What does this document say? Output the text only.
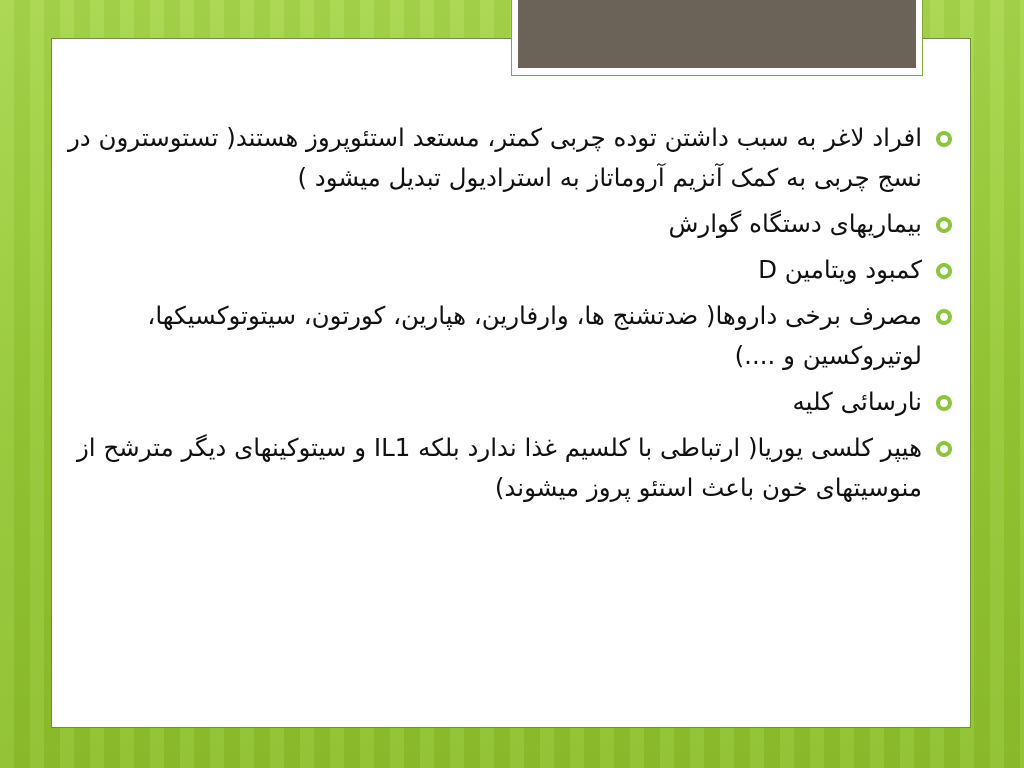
افراد لاغر به سبب داشتن توده چربی کمتر، مستعد استئوپروز هستند( تستوسترون در نسج چربی به کمک آنزیم آروماتاز به استرادیول تبدیل میشود )
بیماریهای دستگاه گوارش
کمبود ویتامین D
مصرف برخی داروها( ضدتشنج ها، وارفارین، هپارین، کورتون، سیتوتوکسیکها، لوتیروکسین و ....)
نارسائی کلیه
هیپر کلسی یوریا( ارتباطی با کلسیم غذا ندارد بلکه IL1 و سیتوکینهای دیگر مترشح از منوسیتهای خون باعث استئو پروز میشوند)
